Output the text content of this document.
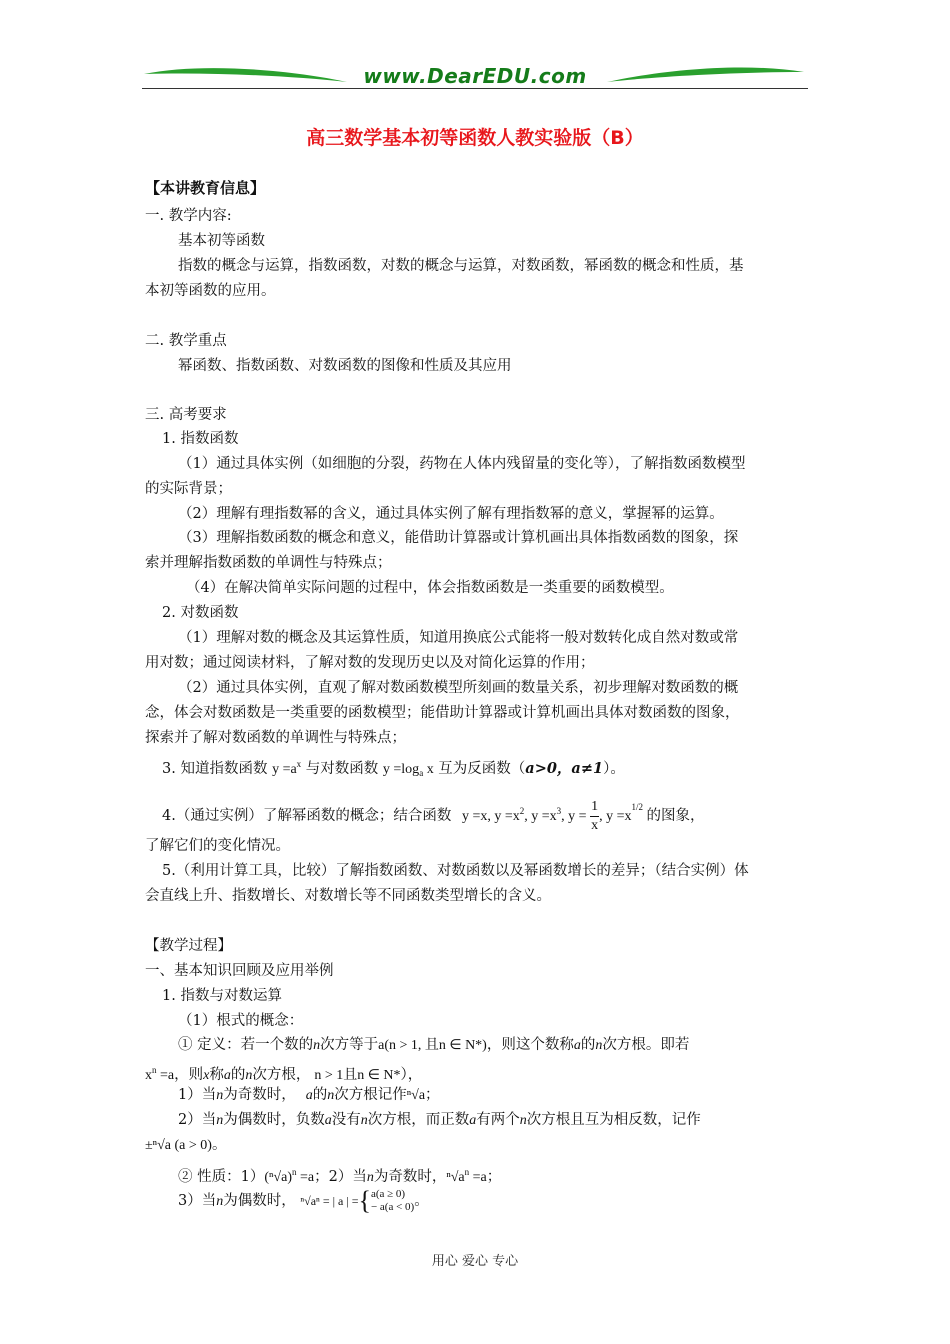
www.DearEDU.com
高三数学基本初等函数人教实验版（B）
【本讲教育信息】
一. 教学内容:
基本初等函数
指数的概念与运算，指数函数，对数的概念与运算，对数函数，幂函数的概念和性质，基
本初等函数的应用。
二. 教学重点
幂函数、指数函数、对数函数的图像和性质及其应用
三. 高考要求
1. 指数函数
（1）通过具体实例（如细胞的分裂，药物在人体内残留量的变化等），了解指数函数模型
的实际背景；
（2）理解有理指数幂的含义，通过具体实例了解有理指数幂的意义，掌握幂的运算。
（3）理解指数函数的概念和意义，能借助计算器或计算机画出具体指数函数的图象，探
索并理解指数函数的单调性与特殊点；
（4）在解决简单实际问题的过程中，体会指数函数是一类重要的函数模型。
2. 对数函数
（1）理解对数的概念及其运算性质，知道用换底公式能将一般对数转化成自然对数或常
用对数；通过阅读材料，了解对数的发现历史以及对简化运算的作用；
（2）通过具体实例，直观了解对数函数模型所刻画的数量关系，初步理解对数函数的概
念，体会对数函数是一类重要的函数模型；能借助计算器或计算机画出具体对数函数的图象，
探索并了解对数函数的单调性与特殊点；
3. 知道指数函数 $y =a^x$ 与对数函数 $y =\log_a$ x 互为反函数（a>0，a≠1）。
4.（通过实例）了解幂函数的概念；结合函数 y =x, $y =x^2$, $y =x^3$, $y = \frac{1}{x}$ , $y =x^{1/2}$ 的图象，
了解它们的变化情况。
5.（利用计算工具，比较）了解指数函数、对数函数以及幂函数增长的差异；（结合实例）体
会直线上升、指数增长、对数增长等不同函数类型增长的含义。
【教学过程】
一、基本知识回顾及应用举例
1. 指数与对数运算
（1）根式的概念：
① 定义：若一个数的n次方等于a(n > 1, 且n ∈ N*)，则这个数称a的n次方根。即若
$x^n =a$，则x称a的n次方根， n > 1且n ∈ N*），
1）当n为奇数时， a的n次方根记作ⁿ√a；
2）当n为偶数时，负数a没有n次方根，而正数a有两个n次方根且互为相反数，记作
±ⁿ√a (a > 0)。
② 性质：$1)(^n√a)^n =a$；2）当n为奇数时，$^n√a^n =a$；
3）当n为偶数时， ⁿ√aⁿ = | a | ={ a(a ≥ 0)
− a(a < 0) 。
用心 爱心 专心
